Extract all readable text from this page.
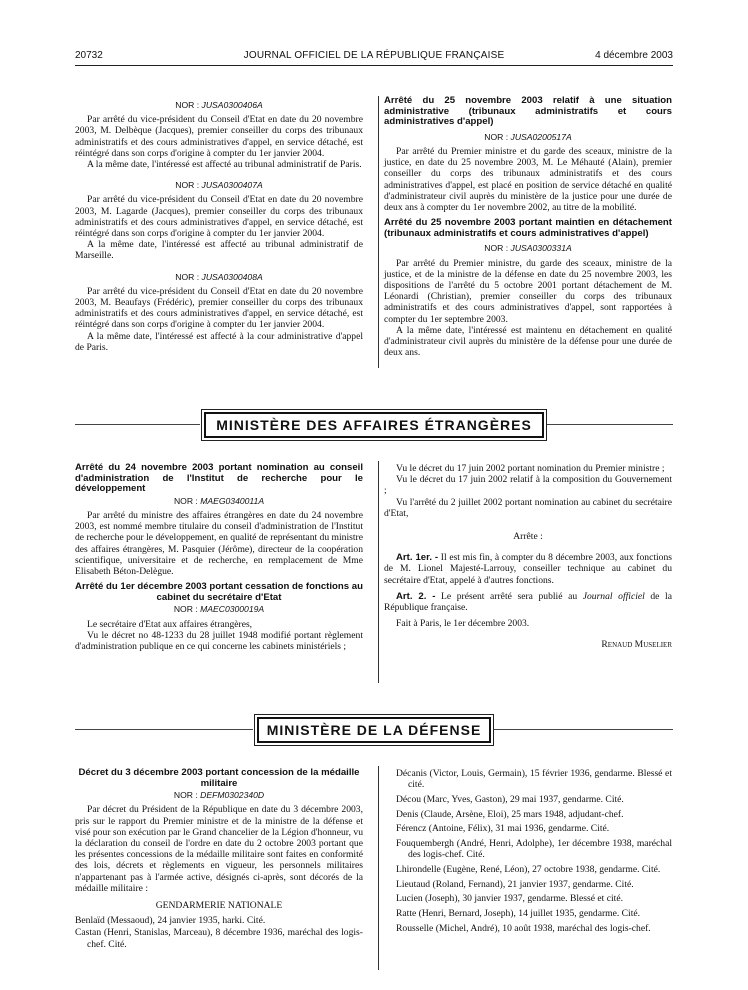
20732	JOURNAL OFFICIEL DE LA RÉPUBLIQUE FRANÇAISE	4 décembre 2003

NOR : JUSA0300406A

Par arrêté du vice-président du Conseil d'Etat en date du 20 novembre 2003, M. Delbèque (Jacques), premier conseiller du corps des tribunaux administratifs et des cours administratives d'appel, en service détaché, est réintégré dans son corps d'origine à compter du 1er janvier 2004.

A la même date, l'intéressé est affecté au tribunal administratif de Paris.

NOR : JUSA0300407A

Par arrêté du vice-président du Conseil d'Etat en date du 20 novembre 2003, M. Lagarde (Jacques), premier conseiller du corps des tribunaux administratifs et des cours administratives d'appel, en service détaché, est réintégré dans son corps d'origine à compter du 1er janvier 2004.

A la même date, l'intéressé est affecté au tribunal administratif de Marseille.

NOR : JUSA0300408A

Par arrêté du vice-président du Conseil d'Etat en date du 20 novembre 2003, M. Beaufays (Frédéric), premier conseiller du corps des tribunaux administratifs et des cours administratives d'appel, en service détaché, est réintégré dans son corps d'origine à compter du 1er janvier 2004.

A la même date, l'intéressé est affecté à la cour administrative d'appel de Paris.

Arrêté du 25 novembre 2003 relatif à une situation administrative (tribunaux administratifs et cours administratives d'appel)

NOR : JUSA0200517A

Par arrêté du Premier ministre et du garde des sceaux, ministre de la justice, en date du 25 novembre 2003, M. Le Méhauté (Alain), premier conseiller du corps des tribunaux administratifs et des cours administratives d'appel, est placé en position de service détaché en qualité d'administrateur civil auprès du ministère de la justice pour une durée de deux ans à compter du 1er novembre 2002, au titre de la mobilité.

Arrêté du 25 novembre 2003 portant maintien en détachement (tribunaux administratifs et cours administratives d'appel)

NOR : JUSA0300331A

Par arrêté du Premier ministre, du garde des sceaux, ministre de la justice, et de la ministre de la défense en date du 25 novembre 2003, les dispositions de l'arrêté du 5 octobre 2001 portant détachement de M. Léonardi (Christian), premier conseiller du corps des tribunaux administratifs et des cours administratives d'appel, sont rapportées à compter du 1er septembre 2003.

A la même date, l'intéressé est maintenu en détachement en qualité d'administrateur civil auprès du ministère de la défense pour une durée de deux ans.

MINISTÈRE DES AFFAIRES ÉTRANGÈRES

Arrêté du 24 novembre 2003 portant nomination au conseil d'administration de l'Institut de recherche pour le développement

NOR : MAEG0340011A

Par arrêté du ministre des affaires étrangères en date du 24 novembre 2003, est nommé membre titulaire du conseil d'administration de l'Institut de recherche pour le développement, en qualité de représentant du ministre des affaires étrangères, M. Pasquier (Jérôme), directeur de la coopération scientifique, universitaire et de recherche, en remplacement de Mme Elisabeth Béton-Delègue.

Arrêté du 1er décembre 2003 portant cessation de fonctions au cabinet du secrétaire d'Etat

NOR : MAEC0300019A

Le secrétaire d'Etat aux affaires étrangères,

Vu le décret no 48-1233 du 28 juillet 1948 modifié portant règlement d'administration publique en ce qui concerne les cabinets ministériels ;

Vu le décret du 17 juin 2002 portant nomination du Premier ministre ;

Vu le décret du 17 juin 2002 relatif à la composition du Gouvernement ;

Vu l'arrêté du 2 juillet 2002 portant nomination au cabinet du secrétaire d'Etat,

Arrête :

Art. 1er. - Il est mis fin, à compter du 8 décembre 2003, aux fonctions de M. Lionel Majesté-Larrouy, conseiller technique au cabinet du secrétaire d'Etat, appelé à d'autres fonctions.

Art. 2. - Le présent arrêté sera publié au Journal officiel de la République française.

Fait à Paris, le 1er décembre 2003.

Renaud Muselier

MINISTÈRE DE LA DÉFENSE

Décret du 3 décembre 2003 portant concession de la médaille militaire

NOR : DEFM0302340D

Par décret du Président de la République en date du 3 décembre 2003, pris sur le rapport du Premier ministre et de la ministre de la défense et visé pour son exécution par le Grand chancelier de la Légion d'honneur, vu la déclaration du conseil de l'ordre en date du 2 octobre 2003 portant que les présentes concessions de la médaille militaire sont faites en conformité des lois, décrets et règlements en vigueur, les personnels militaires n'appartenant pas à l'armée active, désignés ci-après, sont décorés de la médaille militaire :

GENDARMERIE NATIONALE

Benlaïd (Messaoud), 24 janvier 1935, harki. Cité.

Castan (Henri, Stanislas, Marceau), 8 décembre 1936, maréchal des logis-chef. Cité.

Décanis (Victor, Louis, Germain), 15 février 1936, gendarme. Blessé et cité.

Décou (Marc, Yves, Gaston), 29 mai 1937, gendarme. Cité.

Denis (Claude, Arsène, Eloi), 25 mars 1948, adjudant-chef.

Férencz (Antoine, Félix), 31 mai 1936, gendarme. Cité.

Fouquembergh (André, Henri, Adolphe), 1er décembre 1938, maréchal des logis-chef. Cité.

Lhirondelle (Eugène, René, Léon), 27 octobre 1938, gendarme. Cité.

Lieutaud (Roland, Fernand), 21 janvier 1937, gendarme. Cité.

Lucien (Joseph), 30 janvier 1937, gendarme. Blessé et cité.

Ratte (Henri, Bernard, Joseph), 14 juillet 1935, gendarme. Cité.

Rousselle (Michel, André), 10 août 1938, maréchal des logis-chef.
